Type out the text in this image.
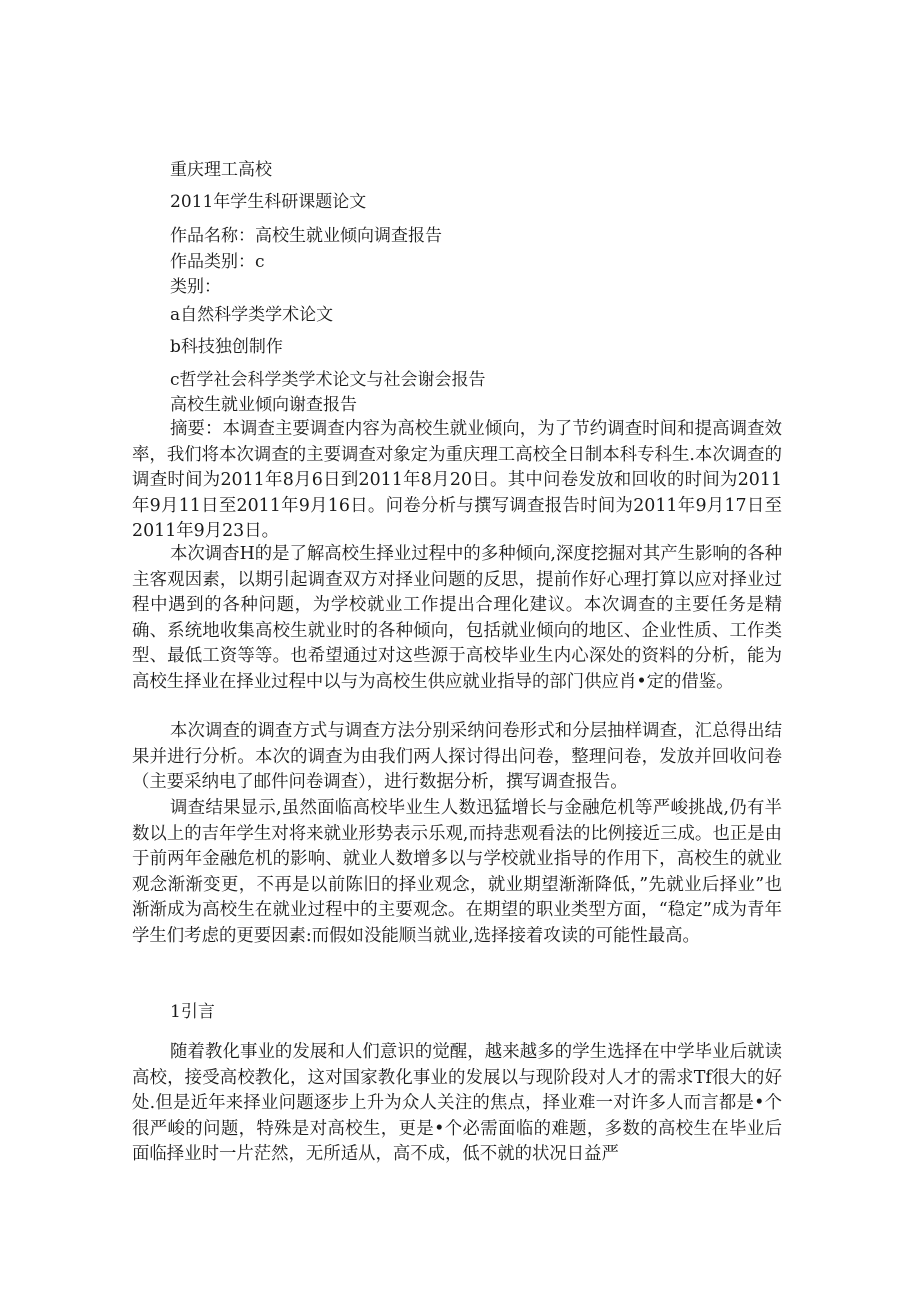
重庆理工高校
2011年学生科研课题论文
作品名称：高校生就业倾向调查报告
作品类别：c
类别：
a自然科学类学术论文
b科技独创制作
c哲学社会科学类学术论文与社会谢会报告
高校生就业倾向谢查报告

摘要：本调查主要调查内容为高校生就业倾向，为了节约调查时间和提高调查效率，我们将本次调查的主要调查对象定为重庆理工高校全日制本科专科生.本次调查的调查时间为2011年8月6日到2011年8月20日。其中问卷发放和回收的时间为2011年9月11日至2011年9月16日。问卷分析与撰写调查报告时间为2011年9月17日至2011年9月23日。

本次调杳H的是了解高校生择业过程中的多种倾向,深度挖掘对其产生影响的各种主客观因素，以期引起调查双方对择业问题的反思，提前作好心理打算以应对择业过程中遇到的各种问题，为学校就业工作提出合理化建议。本次调查的主要任务是精确、系统地收集高校生就业时的各种倾向，包括就业倾向的地区、企业性质、工作类型、最低工资等等。也希望通过对这些源于高校毕业生内心深处的资料的分析，能为高校生择业在择业过程中以与为高校生供应就业指导的部门供应肖•定的借鉴。

本次调查的调查方式与调查方法分别采纳问卷形式和分层抽样调查，汇总得出结果并进行分析。本次的调查为由我们两人探讨得出问卷，整理问卷，发放并回收问卷（主要采纳电了邮件问卷调查），进行数据分析，撰写调查报告。

调查结果显示,虽然面临高校毕业生人数迅猛增长与金融危机等严峻挑战,仍有半数以上的吉年学生对将来就业形势表示乐观,而持悲观看法的比例接近三成。也正是由于前两年金融危机的影响、就业人数增多以与学校就业指导的作用下，高校生的就业观念渐渐变更，不再是以前陈旧的择业观念，就业期望渐渐降低，”先就业后择业”也渐渐成为高校生在就业过程中的主要观念。在期望的职业类型方面，“稳定”成为青年学生们考虑的更要因素:而假如没能顺当就业,选择接着攻读的可能性最高。

1引言

随着教化事业的发展和人们意识的觉醒，越来越多的学生选择在中学毕业后就读高校，接受高校教化，这对国家教化事业的发展以与现阶段对人才的需求Tf很大的好处.但是近年来择业问题逐步上升为众人关注的焦点，择业难一对许多人而言都是•个很严峻的问题，特殊是对高校生，更是•个必需面临的难题，多数的高校生在毕业后面临择业时一片茫然，无所适从，高不成，低不就的状况日益严
